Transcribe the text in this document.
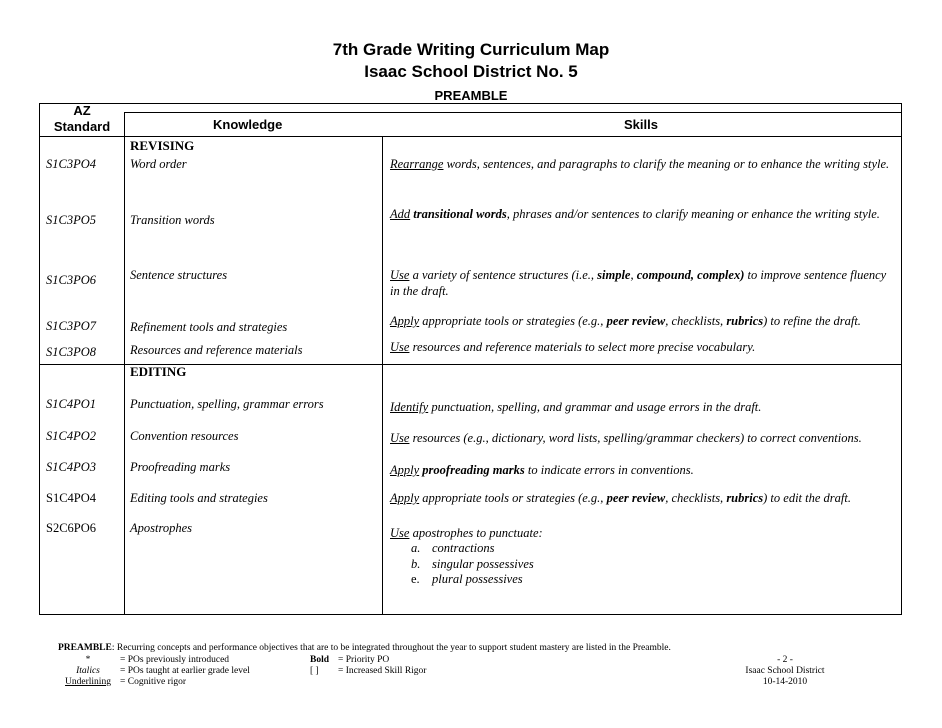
7th Grade Writing Curriculum Map
Isaac School District No. 5
PREAMBLE
AZ
Standard	Knowledge	Skills
REVISING
S1C3PO4	Word order	Rearrange words, sentences, and paragraphs to clarify the meaning or to enhance the writing style.
S1C3PO5	Transition words	Add transitional words, phrases and/or sentences to clarify meaning or enhance the writing style.
S1C3PO6	Sentence structures	Use a variety of sentence structures (i.e., simple, compound, complex) to improve sentence fluency in the draft.
S1C3PO7	Refinement tools and strategies	Apply appropriate tools or strategies (e.g., peer review, checklists, rubrics) to refine the draft.
S1C3PO8	Resources and reference materials	Use resources and reference materials to select more precise vocabulary.
EDITING
S1C4PO1	Punctuation, spelling, grammar errors	Identify punctuation, spelling, and grammar and usage errors in the draft.
S1C4PO2	Convention resources	Use resources (e.g., dictionary, word lists, spelling/grammar checkers) to correct conventions.
S1C4PO3	Proofreading marks	Apply proofreading marks to indicate errors in conventions.
S1C4PO4	Editing tools and strategies	Apply appropriate tools or strategies (e.g., peer review, checklists, rubrics) to edit the draft.
S2C6PO6	Apostrophes	Use apostrophes to punctuate:
a. contractions
b. singular possessives
e. plural possessives
PREAMBLE: Recurring concepts and performance objectives that are to be integrated throughout the year to support student mastery are listed in the Preamble.
*	= POs previously introduced
Italics	= POs taught at earlier grade level
Underlining = Cognitive rigor
Bold = Priority PO
[ ] = Increased Skill Rigor
- 2 -
Isaac School District
10-14-2010
